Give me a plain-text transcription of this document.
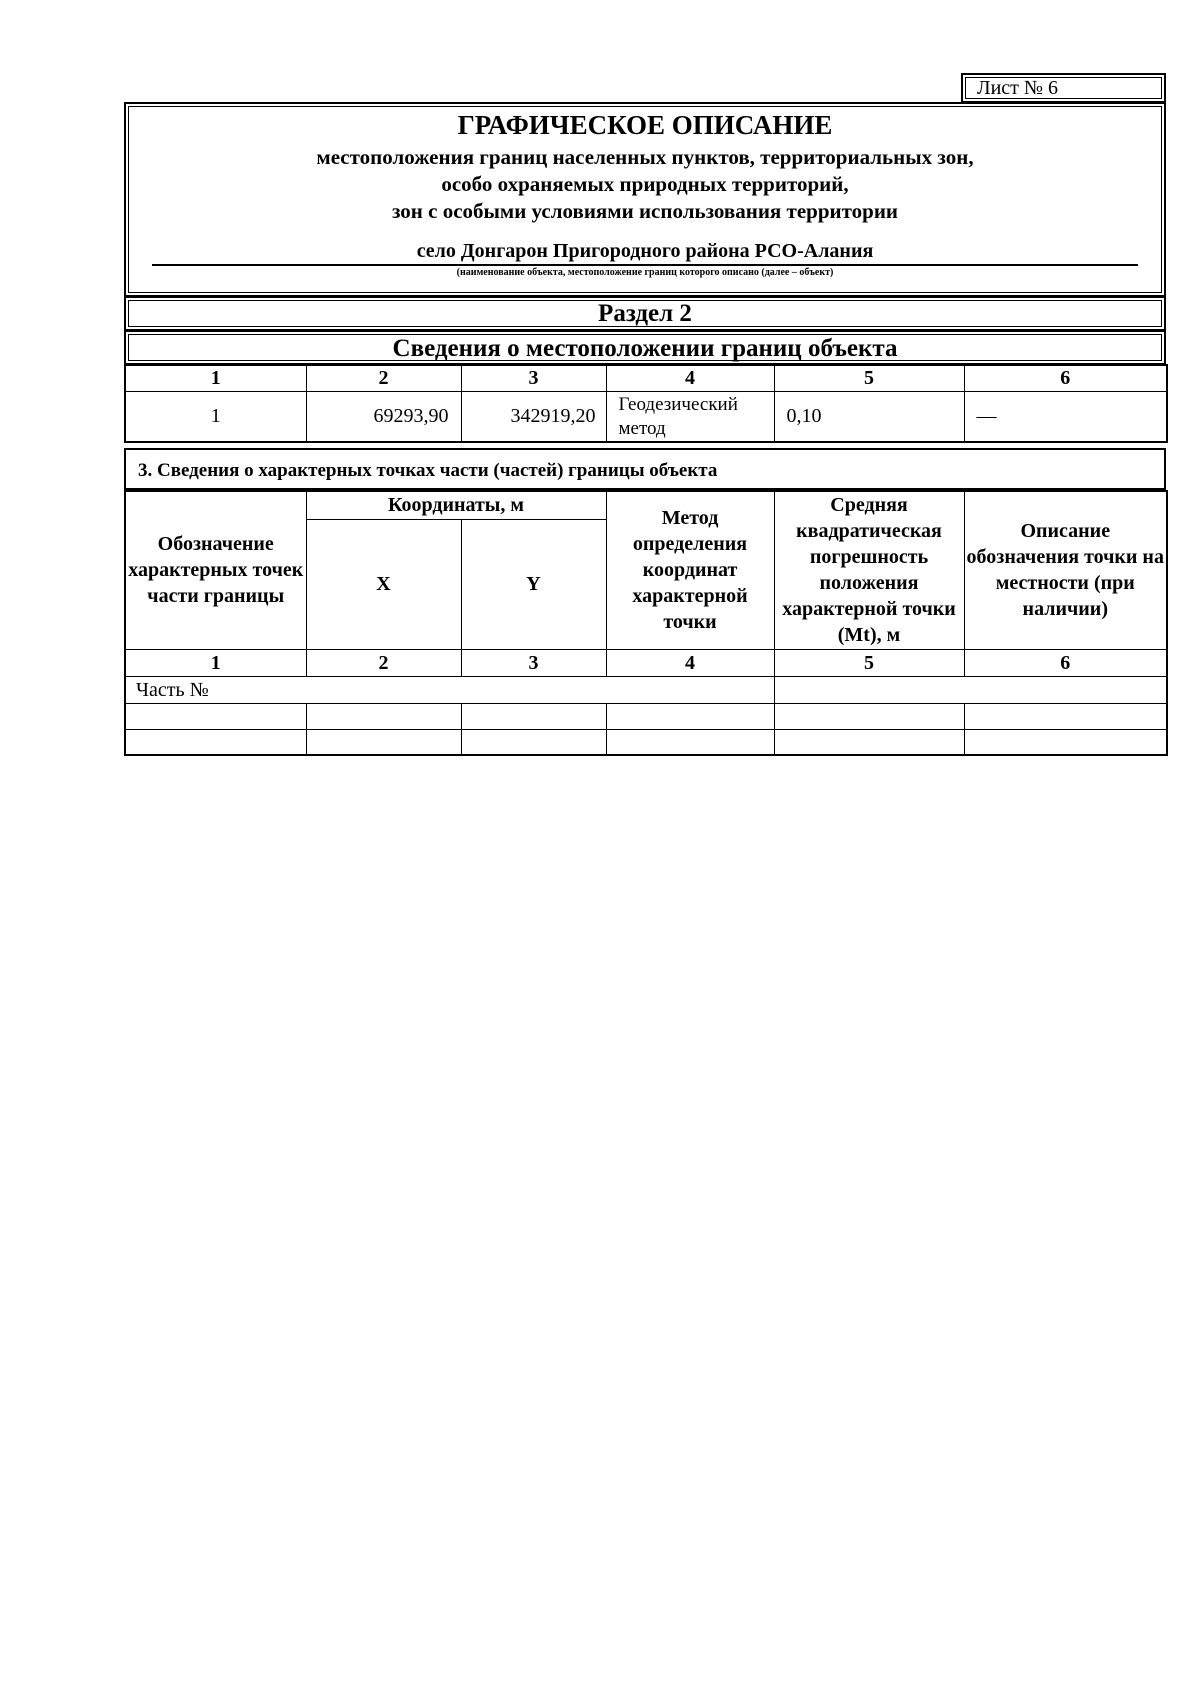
Лист № 6
ГРАФИЧЕСКОЕ ОПИСАНИЕ
местоположения границ населенных пунктов, территориальных зон,
особо охраняемых природных территорий,
зон с особыми условиями использования территории
село Донгарон Пригородного района РСО-Алания
(наименование объекта, местоположение границ которого описано (далее – объект)
Раздел 2
Сведения о местоположении границ объекта
1	2	3	4	5	6
1	69293,90	342919,20	Геодезический метод	0,10	—
3. Сведения о характерных точках части (частей) границы объекта
Обозначение характерных точек части границы	Координаты, м		Метод определения координат характерной точки	Средняя квадратическая погрешность положения характерной точки (Mt), м	Описание обозначения точки на местности (при наличии)
	X	Y			
1	2	3	4	5	6
Часть №					
